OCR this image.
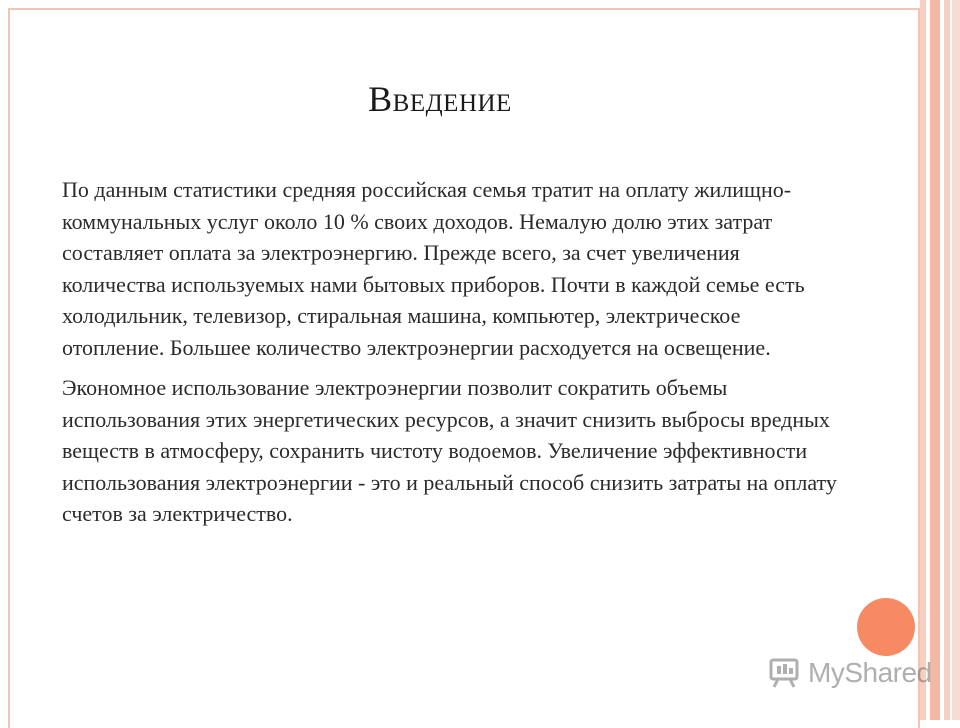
Введение

По данным статистики средняя российская семья тратит на оплату жилищно-коммунальных услуг около 10 % своих доходов. Немалую долю этих затрат составляет оплата за электроэнергию. Прежде всего, за счет увеличения количества используемых нами бытовых приборов. Почти в каждой семье есть холодильник, телевизор, стиральная машина, компьютер, электрическое отопление. Большее количество электроэнергии расходуется на освещение.

Экономное использование электроэнергии позволит сократить объемы использования этих энергетических ресурсов, а значит снизить выбросы вредных веществ в атмосферу, сохранить чистоту водоемов. Увеличение эффективности использования электроэнергии - это и реальный способ снизить затраты на оплату счетов за электричество.

MyShared
